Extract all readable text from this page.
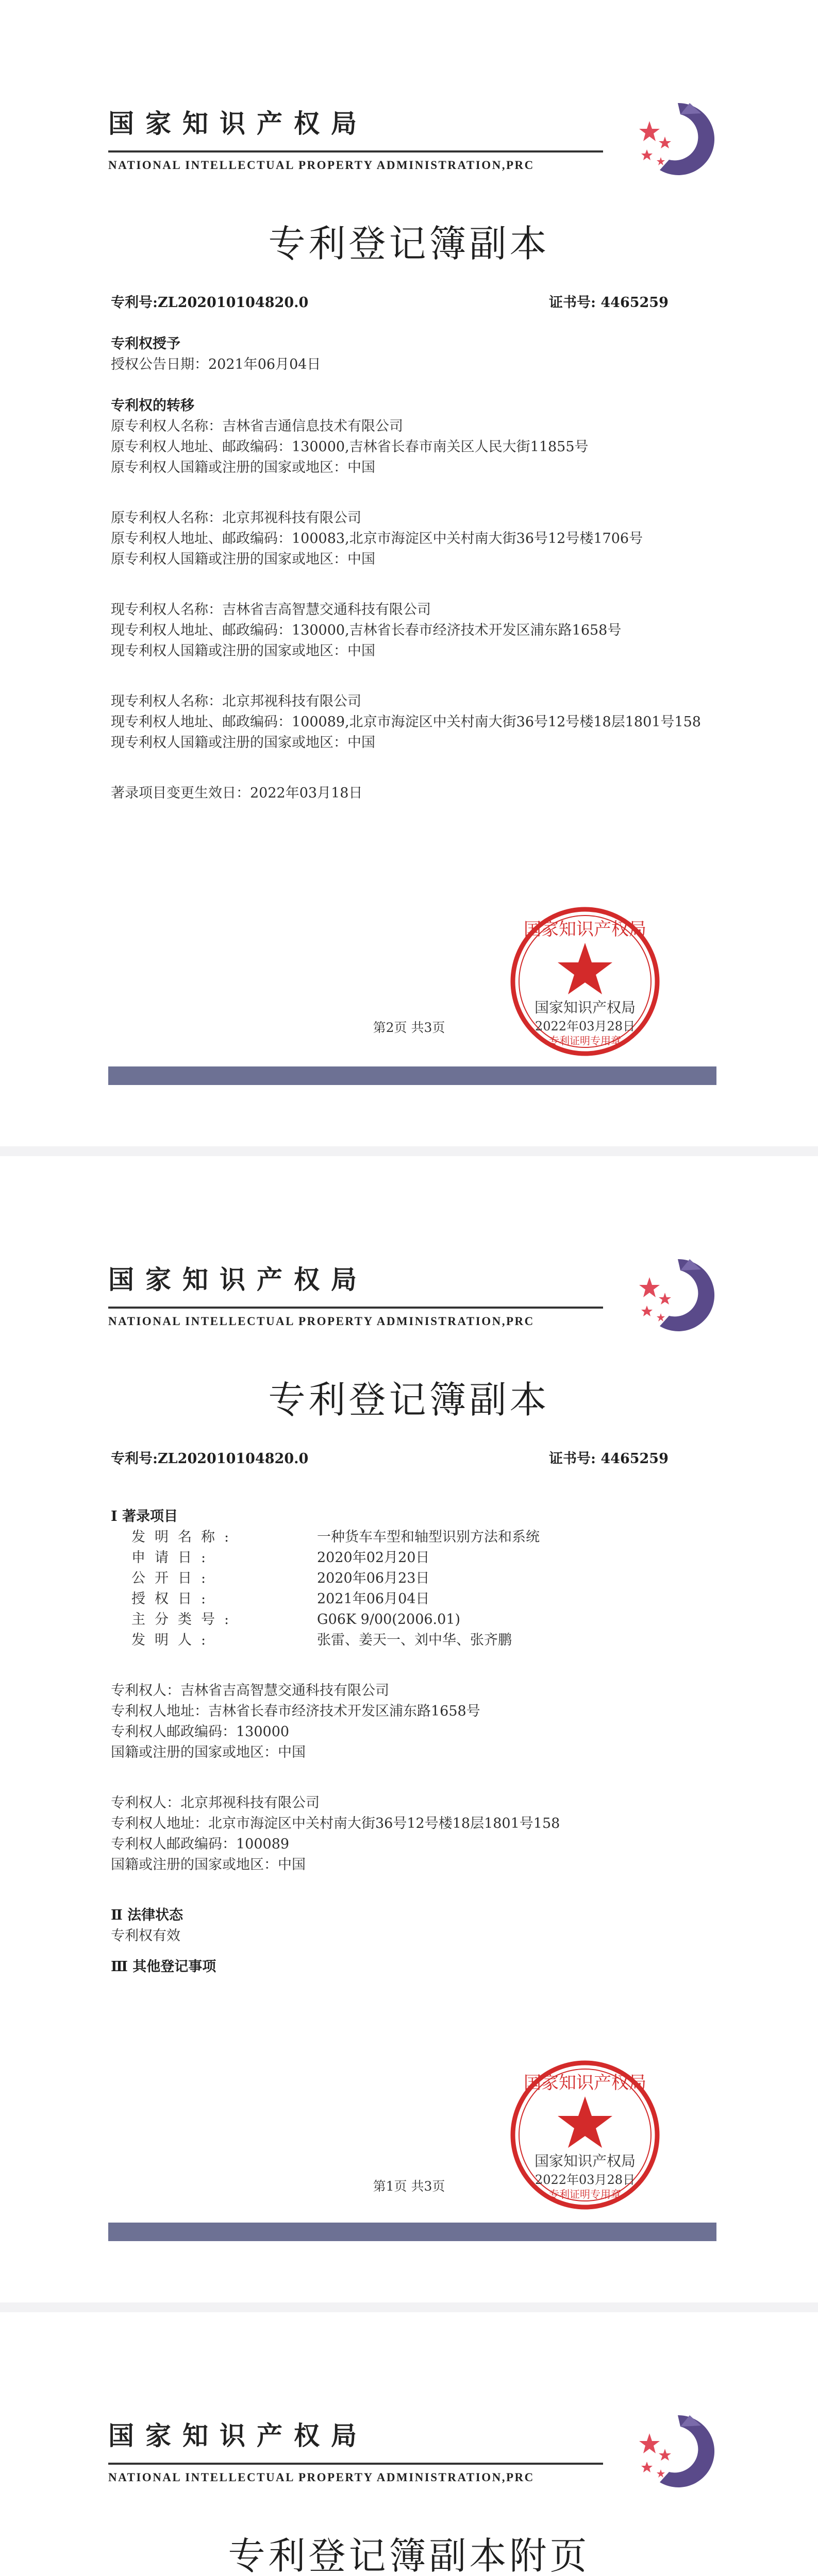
国家知识产权局
NATIONAL INTELLECTUAL PROPERTY ADMINISTRATION,PRC
专利登记簿副本
专利号:ZL202010104820.0	证书号: 4465259
专利权授予
授权公告日期：2021年06月04日
专利权的转移
原专利权人名称：吉林省吉通信息技术有限公司
原专利权人地址、邮政编码：130000,吉林省长春市南关区人民大街11855号
原专利权人国籍或注册的国家或地区：中国
原专利权人名称：北京邦视科技有限公司
原专利权人地址、邮政编码：100083,北京市海淀区中关村南大街36号12号楼1706号
原专利权人国籍或注册的国家或地区：中国
现专利权人名称：吉林省吉高智慧交通科技有限公司
现专利权人地址、邮政编码：130000,吉林省长春市经济技术开发区浦东路1658号
现专利权人国籍或注册的国家或地区：中国
现专利权人名称：北京邦视科技有限公司
现专利权人地址、邮政编码：100089,北京市海淀区中关村南大街36号12号楼18层1801号158
现专利权人国籍或注册的国家或地区：中国
著录项目变更生效日：2022年03月18日
国家知识产权局
国家知识产权局
2022年03月28日
专利证明专用章
第2页 共3页
国家知识产权局
NATIONAL INTELLECTUAL PROPERTY ADMINISTRATION,PRC
专利登记簿副本
专利号:ZL202010104820.0	证书号: 4465259
Ⅰ 著录项目
发明名称:	一种货车车型和轴型识别方法和系统
申请日:	2020年02月20日
公开日:	2020年06月23日
授权日:	2021年06月04日
主分类号:	G06K 9/00(2006.01)
发明人:	张雷、姜天一、刘中华、张齐鹏
专利权人：吉林省吉高智慧交通科技有限公司
专利权人地址：吉林省长春市经济技术开发区浦东路1658号
专利权人邮政编码：130000
国籍或注册的国家或地区：中国
专利权人：北京邦视科技有限公司
专利权人地址：北京市海淀区中关村南大街36号12号楼18层1801号158
专利权人邮政编码：100089
国籍或注册的国家或地区：中国
Ⅱ 法律状态
专利权有效
Ⅲ 其他登记事项
国家知识产权局
国家知识产权局
2022年03月28日
专利证明专用章
第1页 共3页
国家知识产权局
NATIONAL INTELLECTUAL PROPERTY ADMINISTRATION,PRC
专利登记簿副本附页
